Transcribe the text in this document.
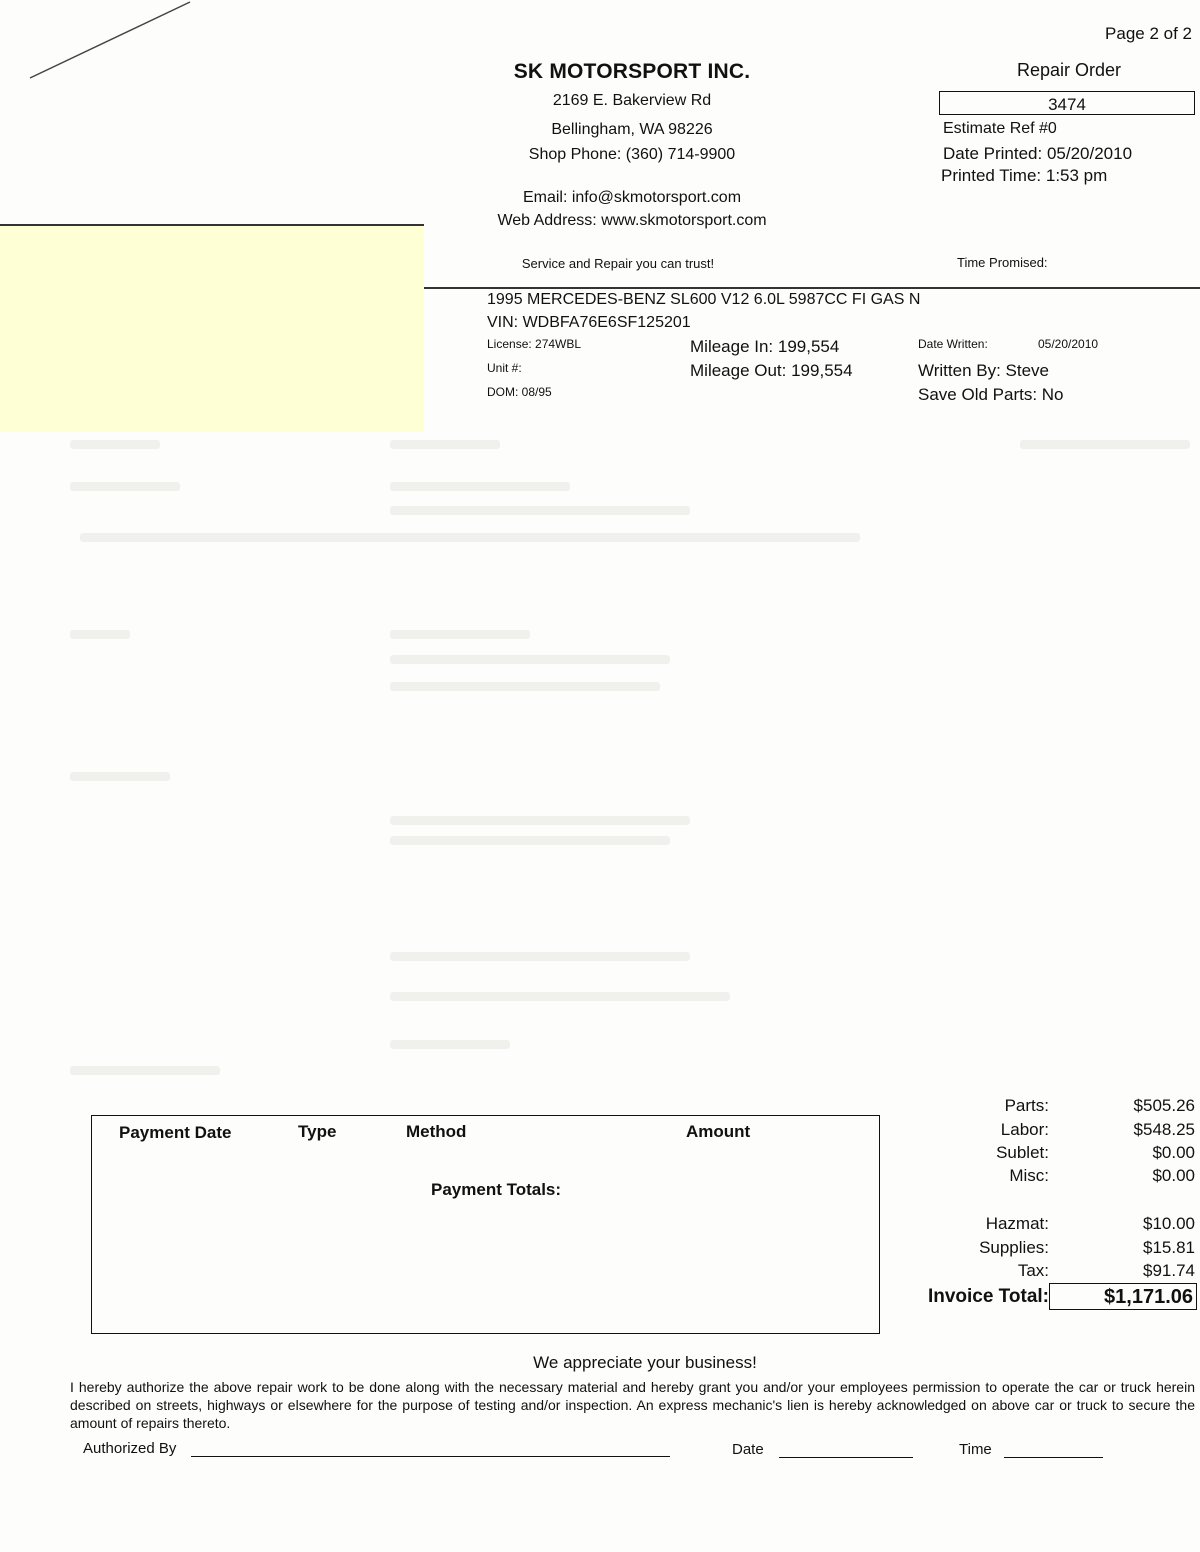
Page 2 of 2
SK MOTORSPORT INC.
2169 E. Bakerview Rd
Bellingham, WA 98226
Shop Phone: (360) 714-9900
Email: info@skmotorsport.com
Web Address: www.skmotorsport.com
Service and Repair you can trust!
Repair Order
3474
Estimate Ref #0
Date Printed: 05/20/2010
Printed Time: 1:53 pm
Time Promised:
1995 MERCEDES-BENZ SL600 V12 6.0L 5987CC FI GAS N
VIN: WDBFA76E6SF125201
License: 274WBL
Unit #:
DOM: 08/95
Mileage In: 199,554
Mileage Out: 199,554
Date Written:	05/20/2010
Written By: Steve
Save Old Parts: No
Payment Date	Type	Method	Amount
Payment Totals:
Parts:	$505.26
Labor:	$548.25
Sublet:	$0.00
Misc:	$0.00
Hazmat:	$10.00
Supplies:	$15.81
Tax:	$91.74
Invoice Total:	$1,171.06
We appreciate your business!
I hereby authorize the above repair work to be done along with the necessary material and hereby grant you and/or your employees permission to operate the car or truck herein described on streets, highways or elsewhere for the purpose of testing and/or inspection. An express mechanic's lien is hereby acknowledged on above car or truck to secure the amount of repairs thereto.
Authorized By	Date	Time
